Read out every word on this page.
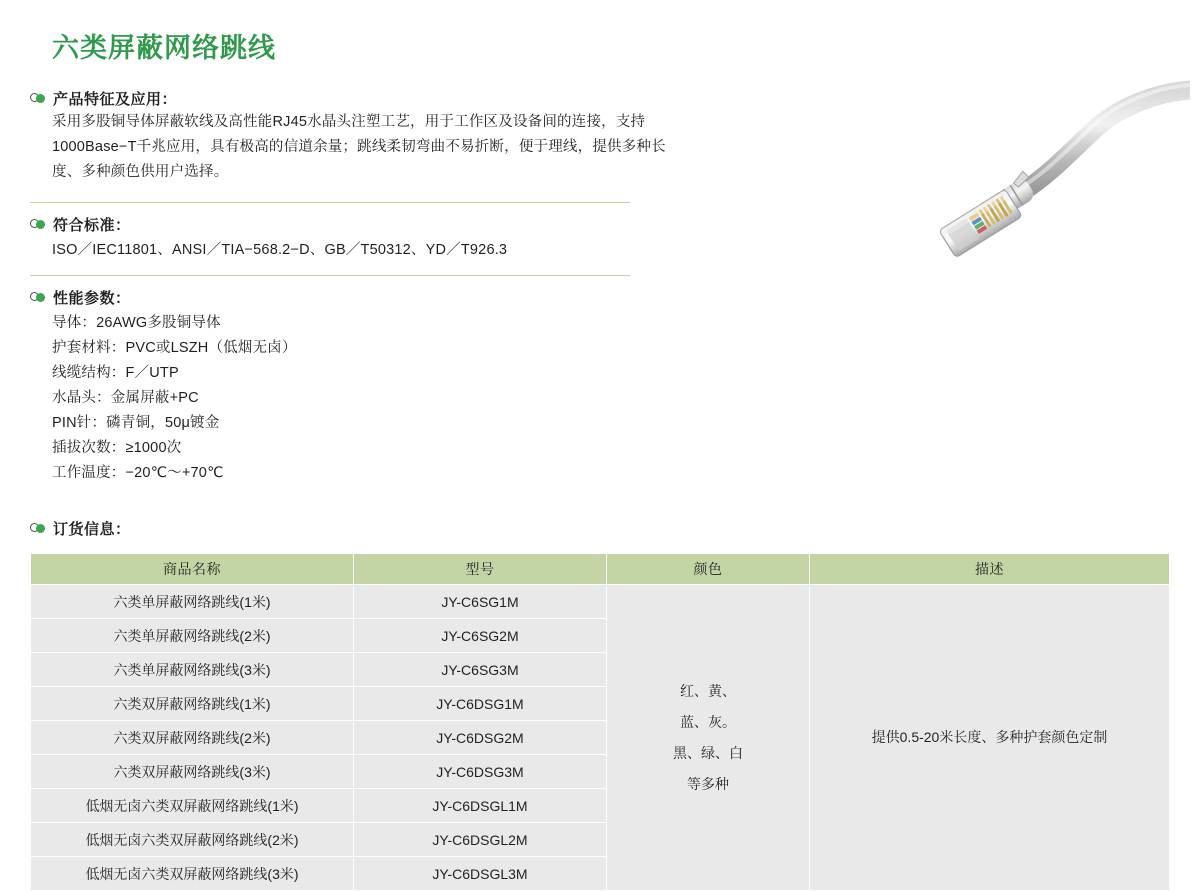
六类屏蔽网络跳线
产品特征及应用：
采用多股铜导体屏蔽软线及高性能RJ45水晶头注塑工艺，用于工作区及设备间的连接，支持
1000Base−T千兆应用，具有极高的信道余量；跳线柔韧弯曲不易折断，便于理线，提供多种长
度、多种颜色供用户选择。
符合标准：
ISO／IEC11801、ANSI／TIA−568.2−D、GB／T50312、YD／T926.3
性能参数：
导体：26AWG多股铜导体
护套材料：PVC或LSZH（低烟无卤）
线缆结构：F／UTP
水晶头：金属屏蔽+PC
PIN针：磷青铜，50μ镀金
插拔次数：≥1000次
工作温度：−20℃～+70℃
订货信息：
商品名称	型号	颜色	描述
六类单屏蔽网络跳线(1米)	JY-C6SG1M	红、黄、
蓝、灰。
黑、绿、白
等多种	提供0.5-20米长度、多种护套颜色定制
六类单屏蔽网络跳线(2米)	JY-C6SG2M		
六类单屏蔽网络跳线(3米)	JY-C6SG3M		
六类双屏蔽网络跳线(1米)	JY-C6DSG1M		
六类双屏蔽网络跳线(2米)	JY-C6DSG2M		
六类双屏蔽网络跳线(3米)	JY-C6DSG3M		
低烟无卤六类双屏蔽网络跳线(1米)	JY-C6DSGL1M		
低烟无卤六类双屏蔽网络跳线(2米)	JY-C6DSGL2M		
低烟无卤六类双屏蔽网络跳线(3米)	JY-C6DSGL3M		
